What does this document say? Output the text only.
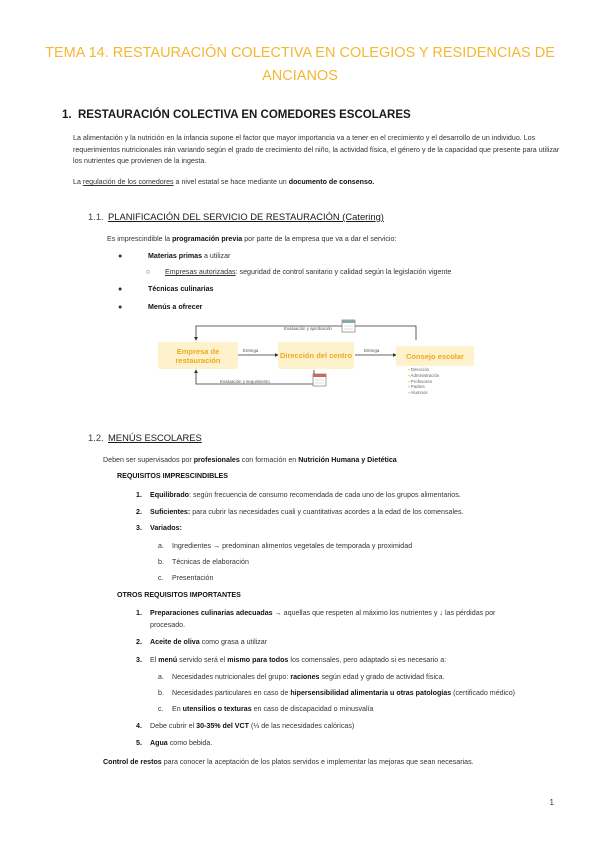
TEMA 14. RESTAURACIÓN COLECTIVA EN COLEGIOS Y RESIDENCIAS DE ANCIANOS
1. RESTAURACIÓN COLECTIVA EN COMEDORES ESCOLARES
La alimentación y la nutrición en la infancia supone el factor que mayor importancia va a tener en el crecimiento y el desarrollo de un individuo. Los requerimientos nutricionales irán variando según el grado de crecimiento del niño, la actividad física, el género y de la capacidad que presente para utilizar los nutrientes que provienen de la ingesta.
La regulación de los comedores a nivel estatal se hace mediante un documento de consenso.
1.1. PLANIFICACIÓN DEL SERVICIO DE RESTAURACIÓN (Catering)
Es imprescindible la programación previa por parte de la empresa que va a dar el servicio:
●	Materias primas a utilizar
○ Empresas autorizadas: seguridad de control sanitario y calidad según la legislación vigente
●	Técnicas culinarias
●	Menús a ofrecer
Empresa de restauración	Dirección del centro	Consejo escolar
Entrega	Entrega
Evaluación y aprobación
Evaluación y seguimiento
▪ Dirección
▪ Administración
▪ Profesores
▪ Padres
▪ Alumnos
1.2. MENÚS ESCOLARES
Deben ser supervisados por profesionales con formación en Nutrición Humana y Dietética
REQUISITOS IMPRESCINDIBLES
1. Equilibrado: según frecuencia de consumo recomendada de cada uno de los grupos alimentarios.
2. Suficientes: para cubrir las necesidades cuali y cuantitativas acordes a la edad de los comensales.
3. Variados:
a. Ingredientes → predominan alimentos vegetales de temporada y proximidad
b. Técnicas de elaboración
c. Presentación
OTROS REQUISITOS IMPORTANTES
1. Preparaciones culinarias adecuadas → aquellas que respeten al máximo los nutrientes y ↓ las pérdidas por
procesado.
2. Aceite de oliva como grasa a utilizar
3. El menú servido será el mismo para todos los comensales, pero adaptado si es necesario a:
a. Necesidades nutricionales del grupo: raciones según edad y grado de actividad física.
b. Necesidades particulares en caso de hipersensibilidad alimentaria u otras patologías (certificado médico)
c. En utensilios o texturas en caso de discapacidad o minusvalía
4. Debe cubrir el 30-35% del VCT (⅓ de las necesidades calóricas)
5. Agua como bebida.
Control de restos para conocer la aceptación de los platos servidos e implementar las mejoras que sean necesarias.
1
